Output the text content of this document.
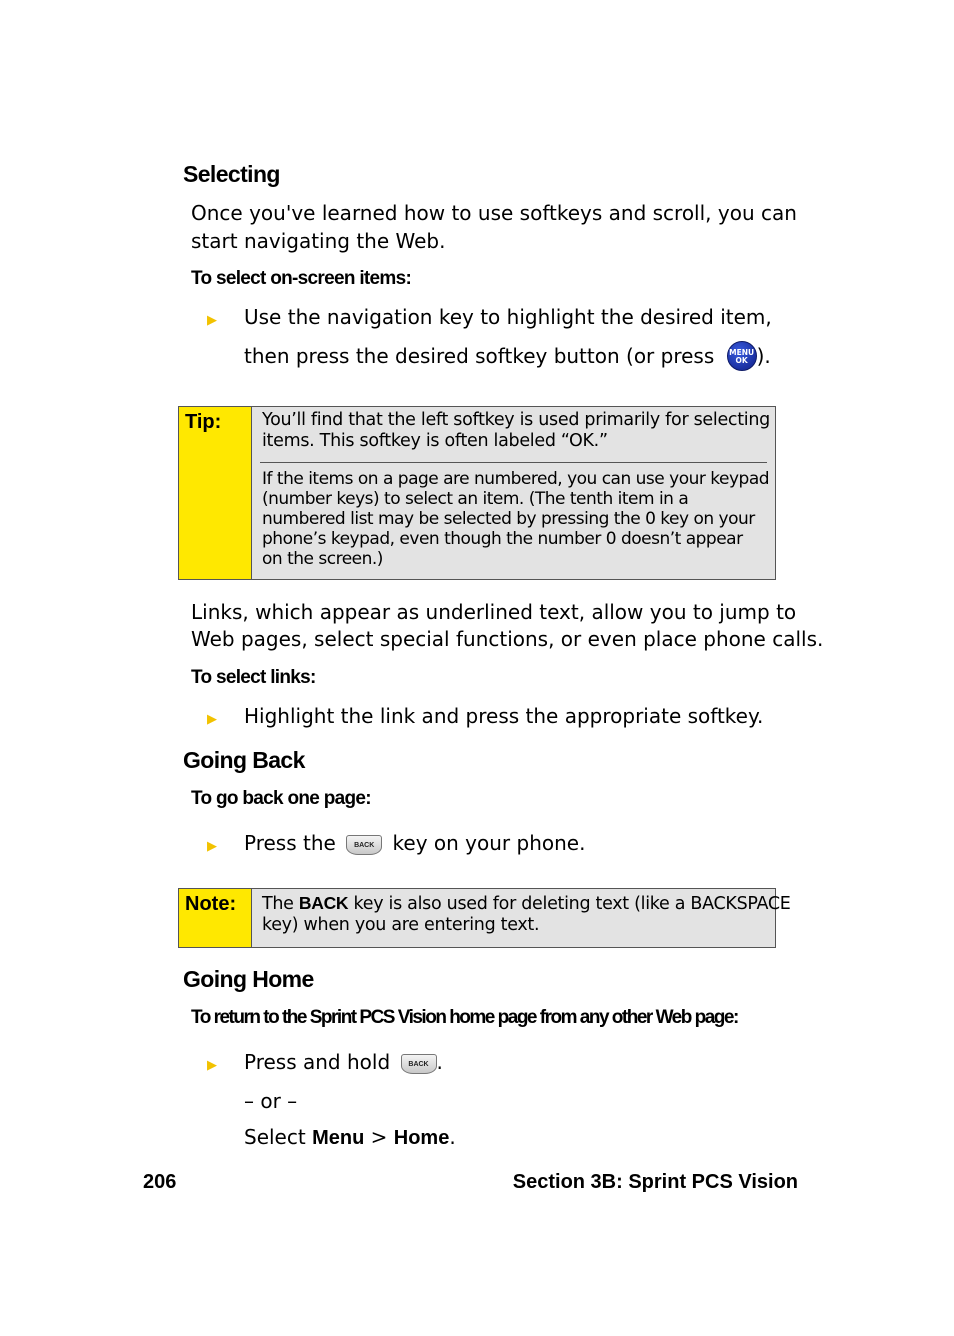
Selecting
Once you've learned how to use softkeys and scroll, you can
start navigating the Web.
To select on-screen items:
▶ Use the navigation key to highlight the desired item,
then press the desired softkey button (or press MENU
OK ).
Tip:	You’ll find that the left softkey is used primarily for selecting
items. This softkey is often labeled “OK.”
If the items on a page are numbered, you can use your keypad
(number keys) to select an item. (The tenth item in a
numbered list may be selected by pressing the 0 key on your
phone’s keypad, even though the number 0 doesn’t appear
on the screen.)
Links, which appear as underlined text, allow you to jump to
Web pages, select special functions, or even place phone calls.
To select links:
▶ Highlight the link and press the appropriate softkey.
Going Back
To go back one page:
▶ Press the	BACK key on your phone.
Note:	The BACK key is also used for deleting text (like a BACKSPACE
key) when you are entering text.
Going Home
To return to the Sprint PCS Vision home page from any other Web page:
▶ Press and hold	BACK .
– or –
Select Menu > Home.
206	Section 3B: Sprint PCS Vision
